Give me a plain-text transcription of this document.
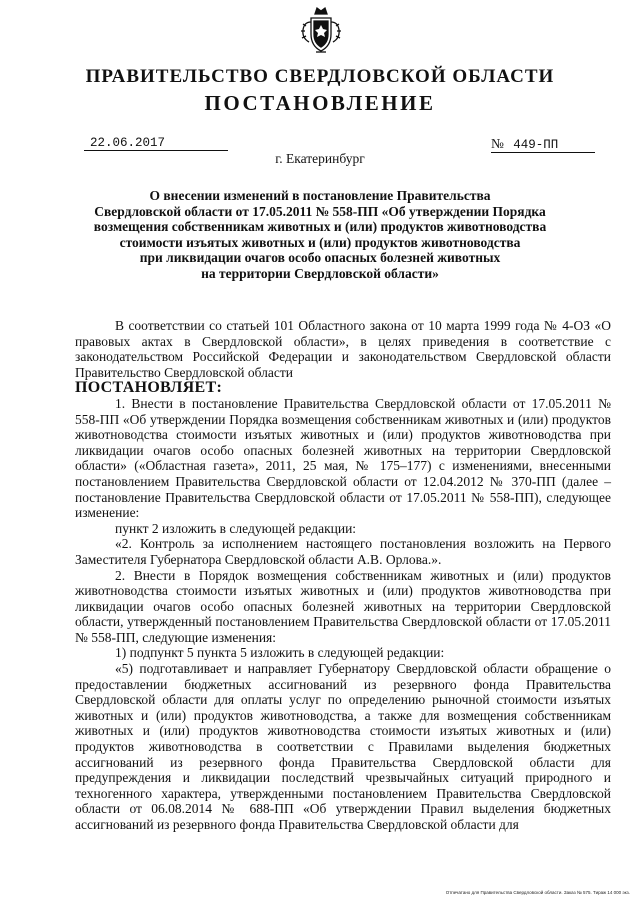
ПРАВИТЕЛЬСТВО СВЕРДЛОВСКОЙ ОБЛАСТИ
ПОСТАНОВЛЕНИЕ
22.06.2017	№ 449-ПП
г. Екатеринбург
О внесении изменений в постановление Правительства
Свердловской области от 17.05.2011 № 558-ПП «Об утверждении Порядка
возмещения собственникам животных и (или) продуктов животноводства
стоимости изъятых животных и (или) продуктов животноводства
при ликвидации очагов особо опасных болезней животных
на территории Свердловской области»

В соответствии со статьей 101 Областного закона от 10 марта 1999 года № 4-ОЗ «О правовых актах в Свердловской области», в целях приведения в соответствие с законодательством Российской Федерации и законодательством Свердловской области Правительство Свердловской области

ПОСТАНОВЛЯЕТ:

1. Внести в постановление Правительства Свердловской области от 17.05.2011 № 558-ПП «Об утверждении Порядка возмещения собственникам животных и (или) продуктов животноводства стоимости изъятых животных и (или) продуктов животноводства при ликвидации очагов особо опасных болезней животных на территории Свердловской области» («Областная газета», 2011, 25 мая, № 175–177) с изменениями, внесенными постановлением Правительства Свердловской области от 12.04.2012 № 370-ПП (далее – постановление Правительства Свердловской области от 17.05.2011 № 558-ПП), следующее изменение:

пункт 2 изложить в следующей редакции:

«2. Контроль за исполнением настоящего постановления возложить на Первого Заместителя Губернатора Свердловской области А.В. Орлова.».

2. Внести в Порядок возмещения собственникам животных и (или) продуктов животноводства стоимости изъятых животных и (или) продуктов животноводства при ликвидации очагов особо опасных болезней животных на территории Свердловской области, утвержденный постановлением Правительства Свердловской области от 17.05.2011 № 558-ПП, следующие изменения:

1) подпункт 5 пункта 5 изложить в следующей редакции:

«5) подготавливает и направляет Губернатору Свердловской области обращение о предоставлении бюджетных ассигнований из резервного фонда Правительства Свердловской области для оплаты услуг по определению рыночной стоимости изъятых животных и (или) продуктов животноводства, а также для возмещения собственникам животных и (или) продуктов животноводства стоимости изъятых животных и (или) продуктов животноводства в соответствии с Правилами выделения бюджетных ассигнований из резервного фонда Правительства Свердловской области для предупреждения и ликвидации последствий чрезвычайных ситуаций природного и техногенного характера, утвержденными постановлением Правительства Свердловской области от 06.08.2014 № 688-ПП «Об утверждении Правил выделения бюджетных ассигнований из резервного фонда Правительства Свердловской области для

Отпечатано для Правительства Свердловской области. Заказ № 575. Тираж 14 000 экз.
